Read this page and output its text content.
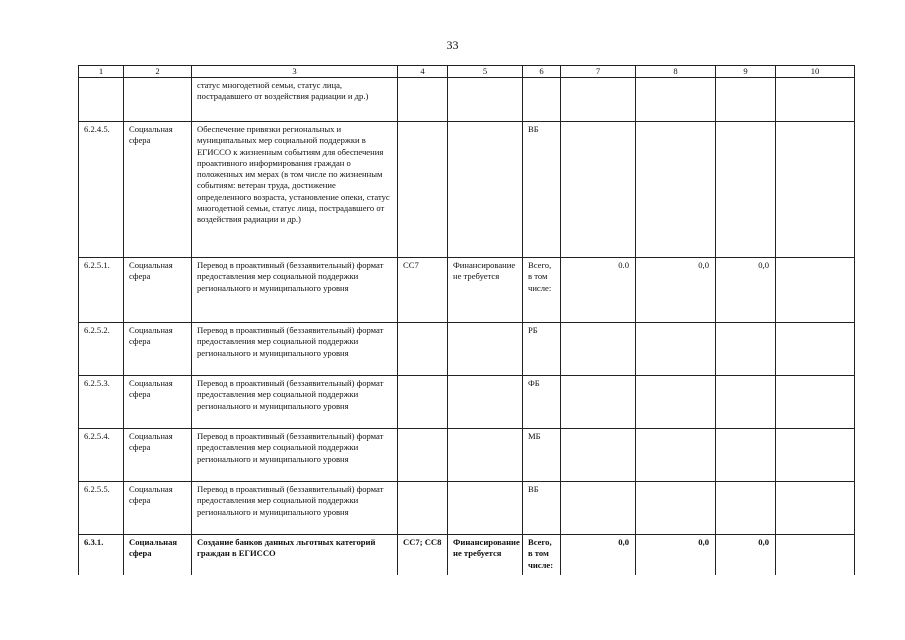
33
1	2	3	4	5	6	7	8	9	10
		статус многодетной семьи, статус лица, пострадавшего от воздействия радиации и др.)							
6.2.4.5.	Социальная сфера	Обеспечение привязки региональных и муниципальных мер социальной поддержки в ЕГИССО к жизненным событиям для обеспечения проактивного информирования граждан о положенных им мерах (в том числе по жизненным событиям: ветеран труда, достижение определенного возраста, установление опеки, статус многодетной семьи, статус лица, пострадавшего от воздействия радиации и др.)			ВБ				
6.2.5.1.	Социальная сфера	Перевод в проактивный (беззаявительный) формат предоставления мер социальной поддержки регионального и муниципального уровня	СС7	Финансирование не требуется	Всего, в том числе:	0.0	0,0	0,0	
6.2.5.2.	Социальная сфера	Перевод в проактивный (беззаявительный) формат предоставления мер социальной поддержки регионального и муниципального уровня			РБ				
6.2.5.3.	Социальная сфера	Перевод в проактивный (беззаявительный) формат предоставления мер социальной поддержки регионального и муниципального уровня			ФБ				
6.2.5.4.	Социальная сфера	Перевод в проактивный (беззаявительный) формат предоставления мер социальной поддержки регионального и муниципального уровня			МБ				
6.2.5.5.	Социальная сфера	Перевод в проактивный (беззаявительный) формат предоставления мер социальной поддержки регионального и муниципального уровня			ВБ				
6.3.1.	Социальная сфера	Создание банков данных льготных категорий граждан в ЕГИССО	СС7; СС8	Финансирование не требуется	Всего, в том числе:	0,0	0,0	0,0	
